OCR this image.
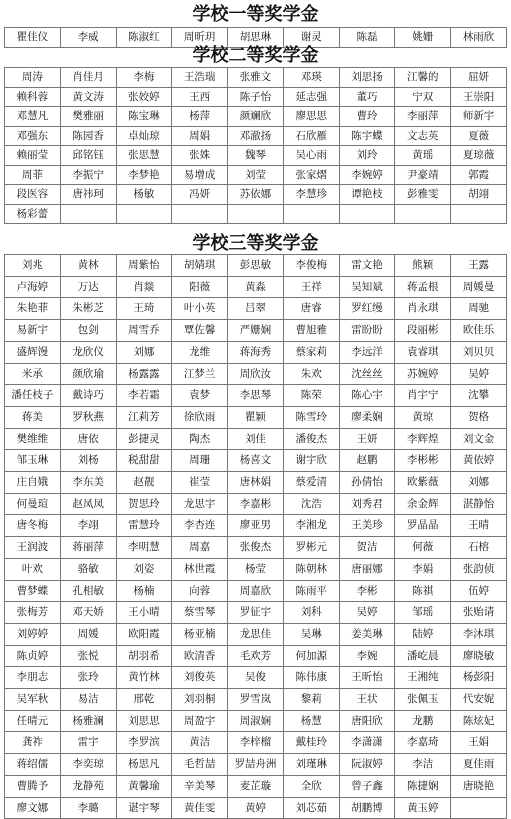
学校一等奖学金
瞿佳仪	李威	陈淑红	周昕玥	胡思琳	谢灵	陈磊	姚姗	林雨欣
学校二等奖学金
周涛	肖佳月	李梅	王浩瑞	张雅文	邓瑛	刘思扬	江馨的	屈妍
赖科蓉	黄文涛	张姣婷	王西	陈子怡	延志强	董巧	宁双	王崇阳
邓慧凡	樊雅丽	陈宝琳	杨萍	颜斓欣	廖思思	曹玲	李丽萍	师新宇
邓强东	陈园香	卓灿琼	周娟	邓澈扬	石欣雁	陈宇蝶	文志英	夏薇
赖丽莹	邱铭钰	张思慧	张姝	魏琴	吴心雨	刘玲	黄瑶	夏琼薇
周菲	李振宁	李梦艳	易增成	刘莹	张家熠	李婉婷	尹豪靖	郭霞
段医容	唐祎珂	杨敏	冯妍	苏依娜	李慧珍	谭艳枝	彭雅雯	胡翊
杨彩蕾								
学校三等奖学金
刘兆	黄林	周紫怡	胡婧琪	彭思敏	李俊梅	雷文艳	熊颖	王露
卢海婷	万达	肖燚	阳薇	黄淼	王祥	吴知斌	蒋孟根	周媛曼
朱艳菲	朱彬芝	王琦	叶小英	吕翠	唐睿	罗红缦	肖永琪	周驰
易新宇	包剑	周雪乔	覃佐馨	严姗娴	曹旭雅	雷盼盼	段丽彬	欧佳乐
盛辉馒	龙欣仪	刘娜	龙维	蒋海秀	蔡家莉	李远洋	袁睿琪	刘贝贝
米承	颜欣瑜	杨露露	江梦兰	周欣汝	朱欢	沈丝丝	苏婉婷	吴婷
潘任枝子	戴诗巧	李若霜	袁梦	李思琴	陈荣	陈心宇	肖宇宁	沈攀
蒋美	罗秋燕	江莉芳	徐欣雨	瞿颖	陈雪玲	廖柔娴	黄琼	贺格
樊维维	唐依	彭捷灵	陶杰	刘佳	潘俊杰	王妍	李辉煌	刘文金
邹玉琳	刘杨	税甜甜	周珊	杨喜文	谢宇欣	赵鹏	李彬彬	黄依婷
庄自娥	李东美	赵靓	崔莹	唐林娟	蔡爱清	孙倩怡	欧紫薇	刘娜
何曼瑄	赵凤凤	贺思玲	龙思宇	李嘉彬	沈浩	刘秀君	余金辉	湛静怡
唐冬梅	李翊	雷慧玲	李杏连	廖亚男	李湘龙	王美珍	罗晶晶	王晴
王润波	蒋丽萍	李明慧	周嘉	张俊杰	罗彬元	贺洁	何薇	石榕
叶欢	骆敏	刘姿	林世霞	杨莹	陈朝林	唐丽娜	李娟	张韵侦
曹梦蝶	孔相敏	杨楠	向蓉	周嘉欣	陈雨平	李彬	陈祺	伍婷
张梅芳	邓天娇	王小晴	蔡雪琴	罗征宇	刘科	吴婷	邹瑶	张贻请
刘婷婷	周媛	欧阳霞	杨亚楠	龙思佳	吴琳	姜美琳	陆婷	李沐琪
陈贞婷	张悦	胡羽希	欧清香	毛欢芳	何加源	李婉	潘屹晨	廖晓敏
李朋志	张玲	黄竹林	刘俊英	吴俊	陈伟康	王昕怡	王湘纯	杨彭阳
吴军秋	易洁	邢乾	刘羽桐	罗雪岚	黎莉	王状	张佩玉	代安妮
任晴元	杨雅澜	刘思思	周盈宇	周淑娴	杨慧	唐阳欣	龙鹏	陈炫妃
龚祚	雷宇	李罗滨	黄洁	李梓榴	戴桂玲	李潇潇	李嘉琦	王娟
蒋绍儒	李奕琼	杨思凡	毛哲喆	罗喆舟洲	刘瑾琳	阮淑婷	李洁	夏佳雨
曹腾予	龙静苑	黄馨瑜	辛美琴	麦芷璇	全欣	曾子鑫	陈捷娴	唐晓艳
廖文娜	李璐	谌宇琴	黄佳雯	黄婷	刘芯茹	胡鹏博	黄玉婷	
